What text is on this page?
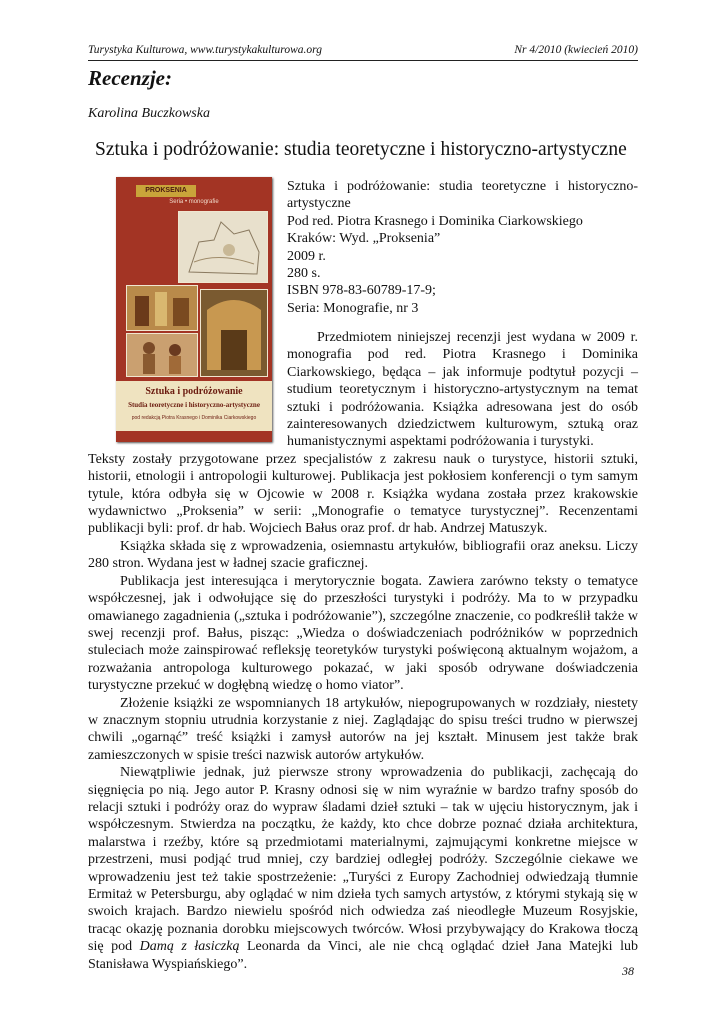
Turystyka Kulturowa, www.turystykakulturowa.org	Nr 4/2010 (kwiecień 2010)
Recenzje:
Karolina Buczkowska
Sztuka i podróżowanie: studia teoretyczne i historyczno-artystyczne
PROKSENIA
Seria • monografie
Sztuka i podróżowanie
Studia teoretyczne i historyczno-artystyczne
pod redakcją Piotra Krasnego i Dominika Ciarkowskiego
Sztuka i podróżowanie: studia teoretyczne i historyczno-artystyczne
Pod red. Piotra Krasnego i Dominika Ciarkowskiego
Kraków: Wyd. „Proksenia”
2009 r.
280 s.
ISBN 978-83-60789-17-9;
Seria: Monografie, nr 3

Przedmiotem niniejszej recenzji jest wydana w 2009 r. monografia pod red. Piotra Krasnego i Dominika Ciarkowskiego, będąca – jak informuje podtytuł pozycji – studium teoretycznym i historyczno-artystycznym na temat sztuki i podróżowania. Książka adresowana jest do osób zainteresowanych dziedzictwem kulturowym, sztuką oraz humanistycznymi aspektami podróżowania i turystyki.

Teksty zostały przygotowane przez specjalistów z zakresu nauk o turystyce, historii sztuki, historii, etnologii i antropologii kulturowej. Publikacja jest pokłosiem konferencji o tym samym tytule, która odbyła się w Ojcowie w 2008 r. Książka wydana została przez krakowskie wydawnictwo „Proksenia” w serii: „Monografie o tematyce turystycznej”. Recenzentami publikacji byli: prof. dr hab. Wojciech Bałus oraz prof. dr hab. Andrzej Matuszyk.

Książka składa się z wprowadzenia, osiemnastu artykułów, bibliografii oraz aneksu. Liczy 280 stron. Wydana jest w ładnej szacie graficznej.

Publikacja jest interesująca i merytorycznie bogata. Zawiera zarówno teksty o tematyce współczesnej, jak i odwołujące się do przeszłości turystyki i podróży. Ma to w przypadku omawianego zagadnienia („sztuka i podróżowanie”), szczególne znaczenie, co podkreślił także w swej recenzji prof. Bałus, pisząc: „Wiedza o doświadczeniach podróżników w poprzednich stuleciach może zainspirować refleksję teoretyków turystyki poświęconą aktualnym wojażom, a rozważania antropologa kulturowego pokazać, w jaki sposób odrywane doświadczenia turystyczne przekuć w dogłębną wiedzę o homo viator”.

Złożenie książki ze wspomnianych 18 artykułów, niepogrupowanych w rozdziały, niestety w znacznym stopniu utrudnia korzystanie z niej. Zaglądając do spisu treści trudno w pierwszej chwili „ogarnąć” treść książki i zamysł autorów na jej kształt. Minusem jest także brak zamieszczonych w spisie treści nazwisk autorów artykułów.

Niewątpliwie jednak, już pierwsze strony wprowadzenia do publikacji, zachęcają do sięgnięcia po nią. Jego autor P. Krasny odnosi się w nim wyraźnie w bardzo trafny sposób do relacji sztuki i podróży oraz do wypraw śladami dzieł sztuki – tak w ujęciu historycznym, jak i współczesnym. Stwierdza na początku, że każdy, kto chce dobrze poznać działa architektura, malarstwa i rzeźby, które są przedmiotami materialnymi, zajmującymi konkretne miejsce w przestrzeni, musi podjąć trud mniej, czy bardziej odległej podróży. Szczególnie ciekawe we wprowadzeniu jest też takie spostrzeżenie: „Turyści z Europy Zachodniej odwiedzają tłumnie Ermitaż w Petersburgu, aby oglądać w nim dzieła tych samych artystów, z którymi stykają się w swoich krajach. Bardzo niewielu spośród nich odwiedza zaś nieodległe Muzeum Rosyjskie, tracąc okazję poznania dorobku miejscowych twórców. Włosi przybywający do Krakowa tłoczą się pod Damą z łasiczką Leonarda da Vinci, ale nie chcą oglądać dzieł Jana Matejki lub Stanisława Wyspiańskiego”.	38
